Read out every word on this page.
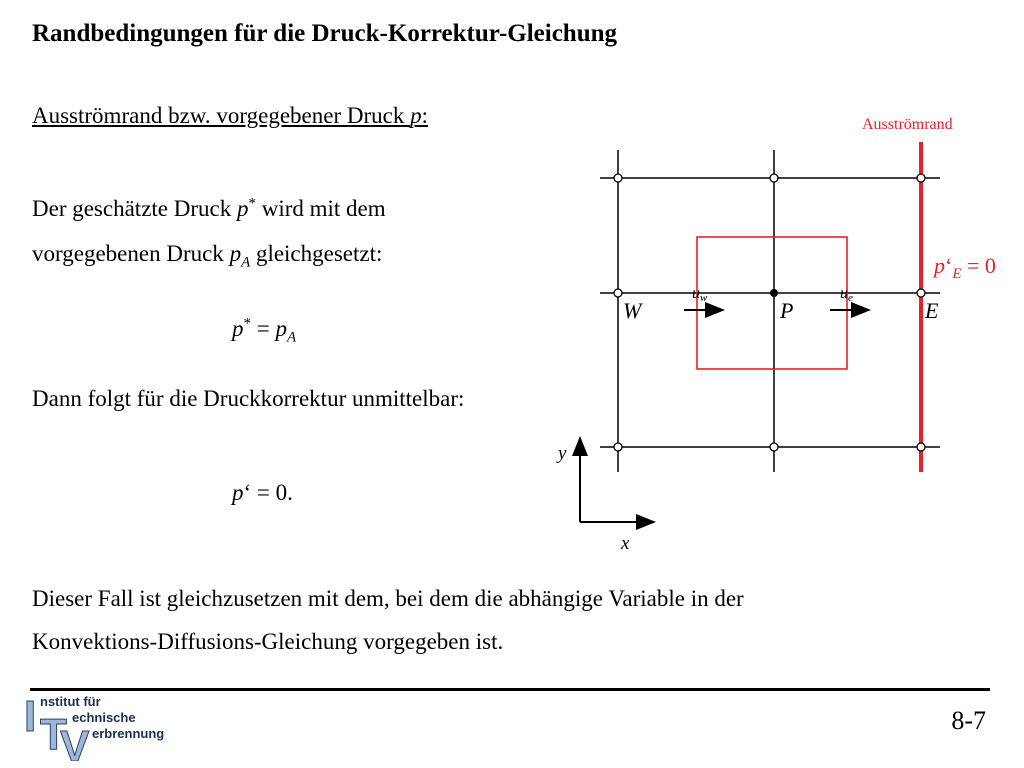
Randbedingungen für die Druck-Korrektur-Gleichung
Ausströmrand bzw. vorgegebener Druck p:
Der geschätzte Druck p* wird mit dem
vorgegebenen Druck $p_A$ gleichgesetzt:
$p^* = p_A$
Dann folgt für die Druckkorrektur unmittelbar:
p‘ = 0.
Dieser Fall ist gleichzusetzen mit dem, bei dem die abhängige Variable in der
Konvektions-Diffusions-Gleichung vorgegeben ist.
Ausströmrand
$p‘_E = 0$
W	P	E
uw	ue
y
x
I T
V
nstitut für
echnische
erbrennung	8-7
